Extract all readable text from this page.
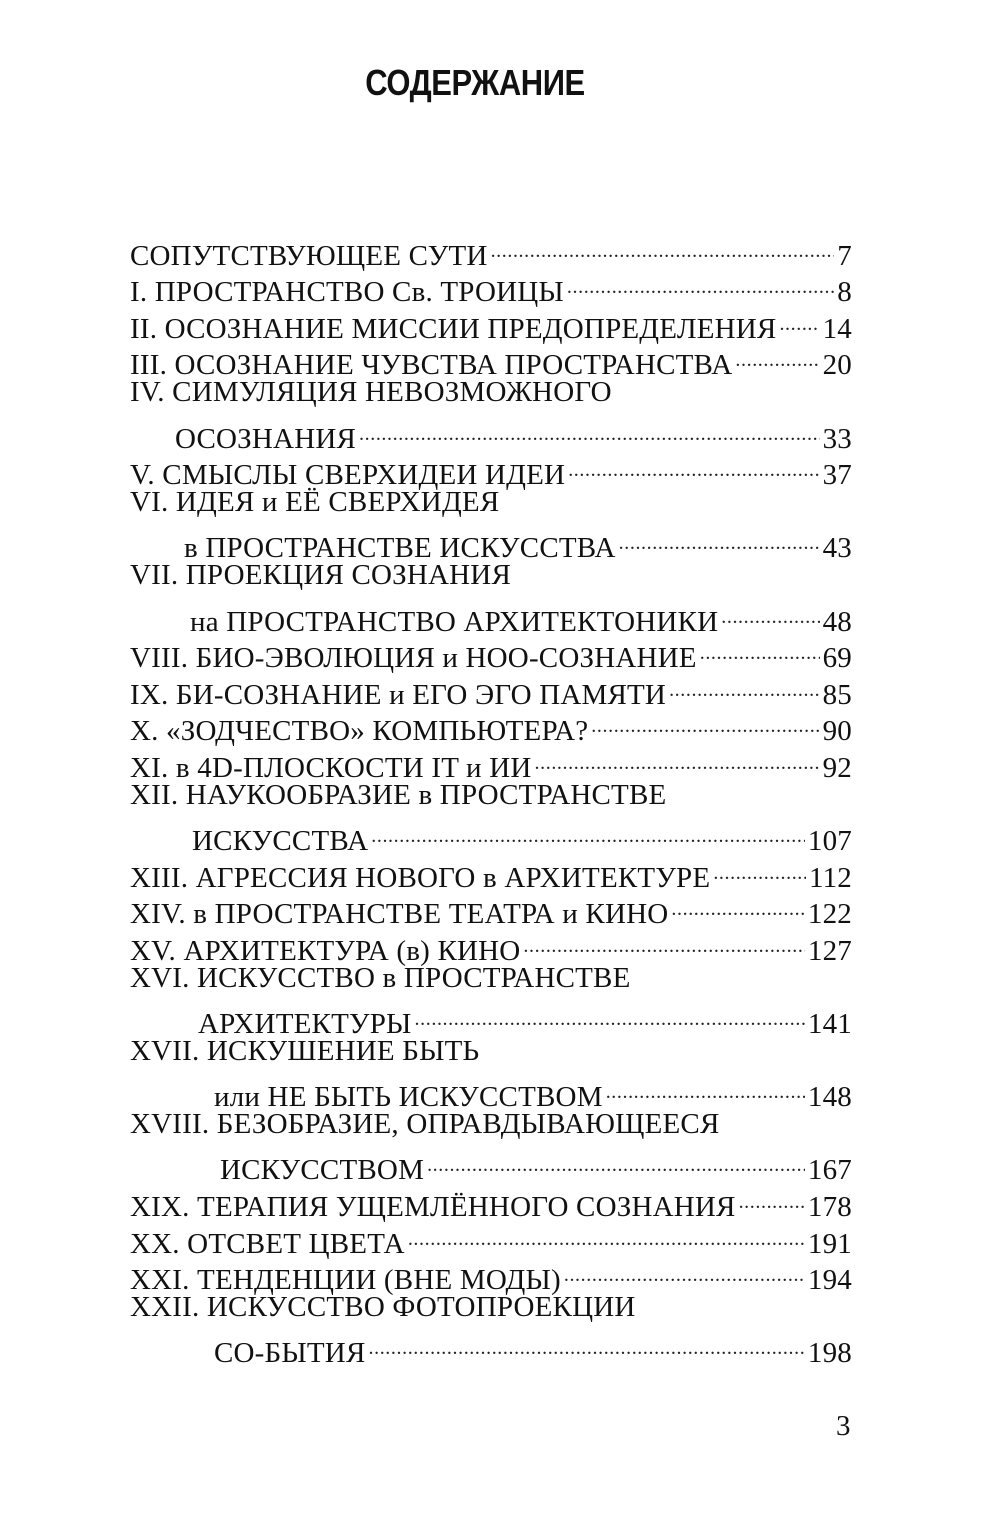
СОДЕРЖАНИЕ
СОПУТСТВУЮЩЕЕ СУТИ .....	7
I. ПРОСТРАНСТВО Св. ТРОИЦЫ .....	8
II. ОСОЗНАНИЕ МИССИИ ПРЕДОПРЕДЕЛЕНИЯ ..... 14
III. ОСОЗНАНИЕ ЧУВСТВА ПРОСТРАНСТВА .....	20
IV. СИМУЛЯЦИЯ НЕВОЗМОЖНОГО
ОСОЗНАНИЯ .....	33
V. СМЫСЛЫ СВЕРХИДЕИ ИДЕИ .....	37
VI. ИДЕЯ и ЕЁ СВЕРХИДЕЯ
в ПРОСТРАНСТВЕ ИСКУССТВА .....	43
VII. ПРОЕКЦИЯ СОЗНАНИЯ
на ПРОСТРАНСТВО АРХИТЕКТОНИКИ .....	48
VIII. БИО-ЭВОЛЮЦИЯ и НОО-СОЗНАНИЕ .....	69
IX. БИ-СОЗНАНИЕ и ЕГО ЭГО ПАМЯТИ .....	85
X. «ЗОДЧЕСТВО» КОМПЬЮТЕРА? .....	90
XI. в 4D-ПЛОСКОСТИ IT и ИИ .....	92
XII. НАУКООБРАЗИЕ в ПРОСТРАНСТВЕ
ИСКУССТВА .....	107
XIII. АГРЕССИЯ НОВОГО в АРХИТЕКТУРЕ .....	112
XIV. в ПРОСТРАНСТВЕ ТЕАТРА и КИНО .....	122
XV. АРХИТЕКТУРА (в) КИНО .....	127
XVI. ИСКУССТВО в ПРОСТРАНСТВЕ
АРХИТЕКТУРЫ .....	141
XVII. ИСКУШЕНИЕ БЫТЬ
или НЕ БЫТЬ ИСКУССТВОМ .....	148
XVIII. БЕЗОБРАЗИЕ, ОПРАВДЫВАЮЩЕЕСЯ
ИСКУССТВОМ .....	167
XIX. ТЕРАПИЯ УЩЕМЛЁННОГО СОЗНАНИЯ ..... 178
XX. ОТСВЕТ ЦВЕТА .....	191
XXI. ТЕНДЕНЦИИ (ВНЕ МОДЫ) .....	194
XXII. ИСКУССТВО ФОТОПРОЕКЦИИ
СО-БЫТИЯ .....	198
3
